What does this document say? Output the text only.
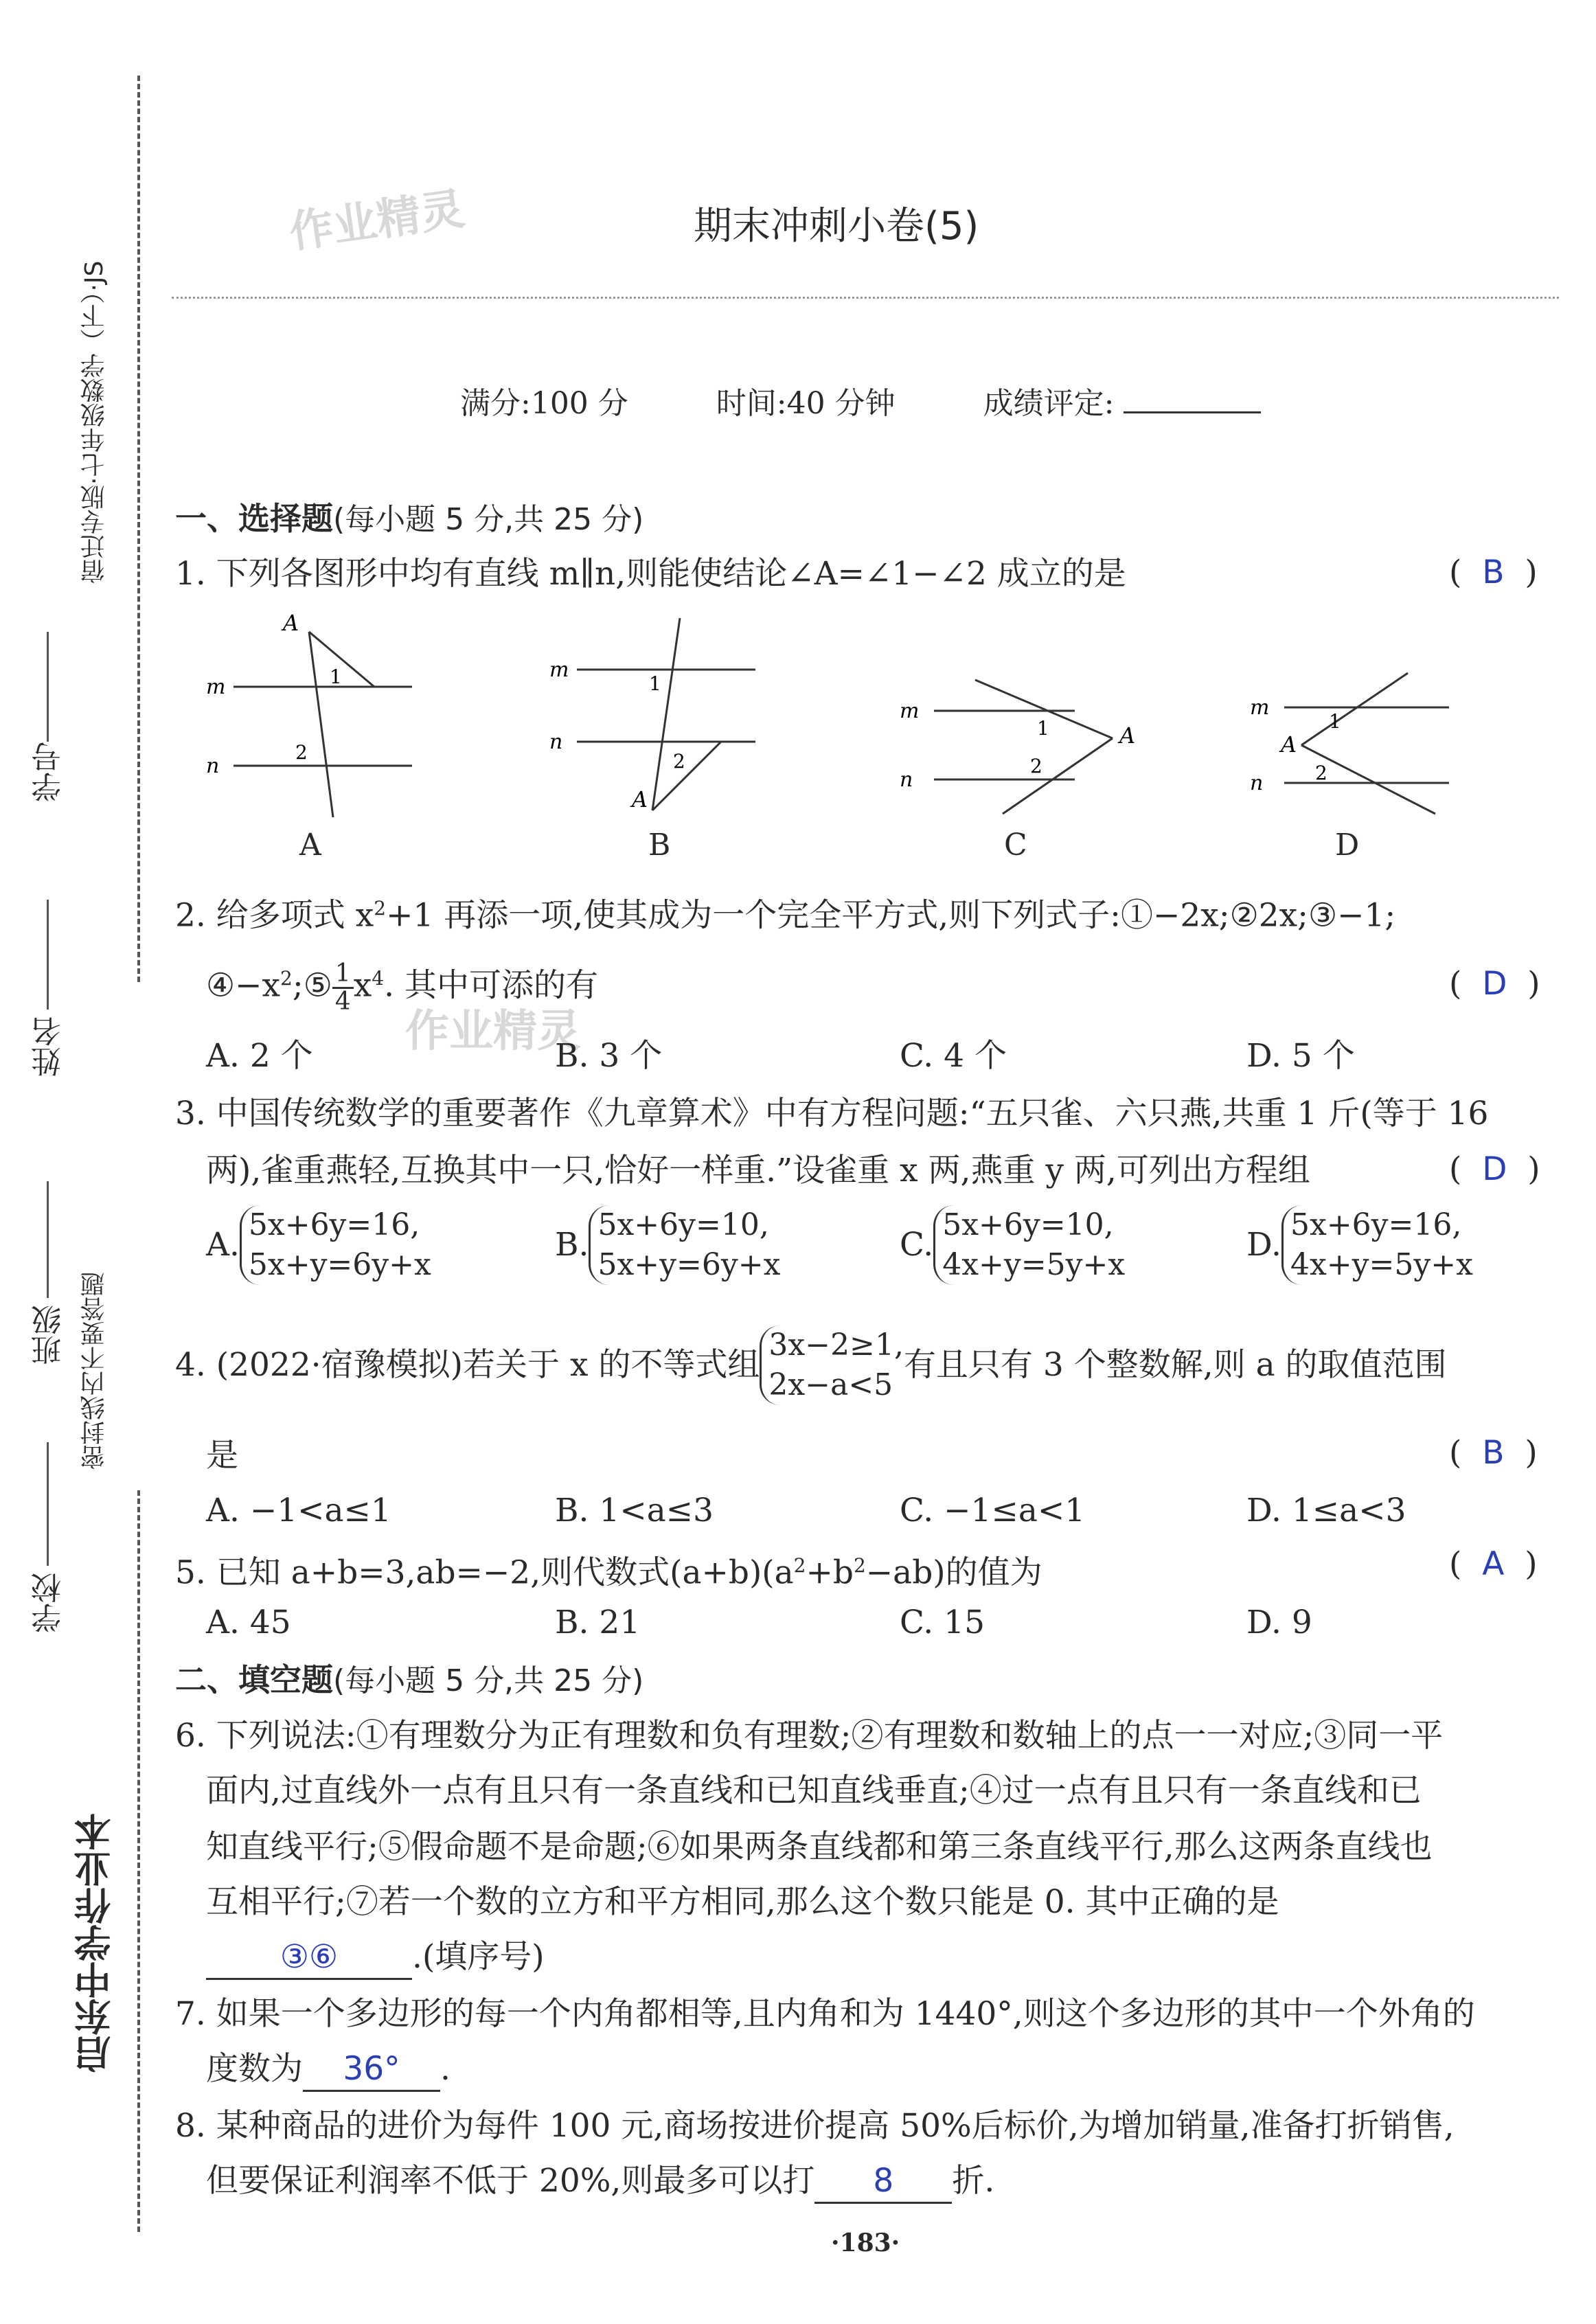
宿迁专版·七年级数学（下）·JS
学号
姓名
密封线内不要答题
班级
学校
启东中学作业本
作业精灵
作业精灵
期末冲刺小卷(5)
满分:100 分	时间:40 分钟	成绩评定:
一、选择题(每小题 5 分,共 25 分)
1. 下列各图形中均有直线 m∥n,则能使结论∠A=∠1−∠2 成立的是	(  B  )
A
m
n
1
2
A
m
n
1
2
A
B
m
n
1
2
A
C
m
A
n
1
2
D
2. 给多项式 $x^2+1$ 再添一项,使其成为一个完全平方式,则下列式子:①−2x;②2x;③−1;
$④-x^2;⑤ \frac{1}{4} x^4$. 其中可添的有	(  D  )
A. 2 个	B. 3 个	C. 4 个	D. 5 个
3. 中国传统数学的重要著作《九章算术》中有方程问题:“五只雀、六只燕,共重 1 斤(等于 16
两),雀重燕轻,互换其中一只,恰好一样重.”设雀重 x 两,燕重 y 两,可列出方程组	(  D  )
A.
5x+6y=16,
5x+y=6y+x
B.
5x+6y=10,
5x+y=6y+x
C.
5x+6y=10,
4x+y=5y+x
D.
5x+6y=16,
4x+y=5y+x
4. (2022·宿豫模拟)若关于 x 的不等式组
3x−2≥1,
2x−a<5
有且只有 3 个整数解,则 a 的取值范围
是	(  B  )
A. −1<a≤1	B. 1<a≤3	C. −1≤a<1	D. 1≤a<3
5. 已知 a+b=3,ab=−2,则代数式$(a+b)(a^2+b^2-ab)$的值为	(  A  )
A. 45	B. 21	C. 15	D. 9
二、填空题(每小题 5 分,共 25 分)
6. 下列说法:①有理数分为正有理数和负有理数;②有理数和数轴上的点一一对应;③同一平
面内,过直线外一点有且只有一条直线和已知直线垂直;④过一点有且只有一条直线和已
知直线平行;⑤假命题不是命题;⑥如果两条直线都和第三条直线平行,那么这两条直线也
互相平行;⑦若一个数的立方和平方相同,那么这个数只能是 0. 其中正确的是
③⑥ .(填序号)
7. 如果一个多边形的每一个内角都相等,且内角和为 1440°,则这个多边形的其中一个外角的
度数为 36° .
8. 某种商品的进价为每件 100 元,商场按进价提高 50%后标价,为增加销量,准备打折销售,
但要保证利润率不低于 20%,则最多可以打 8 折.
·183·
